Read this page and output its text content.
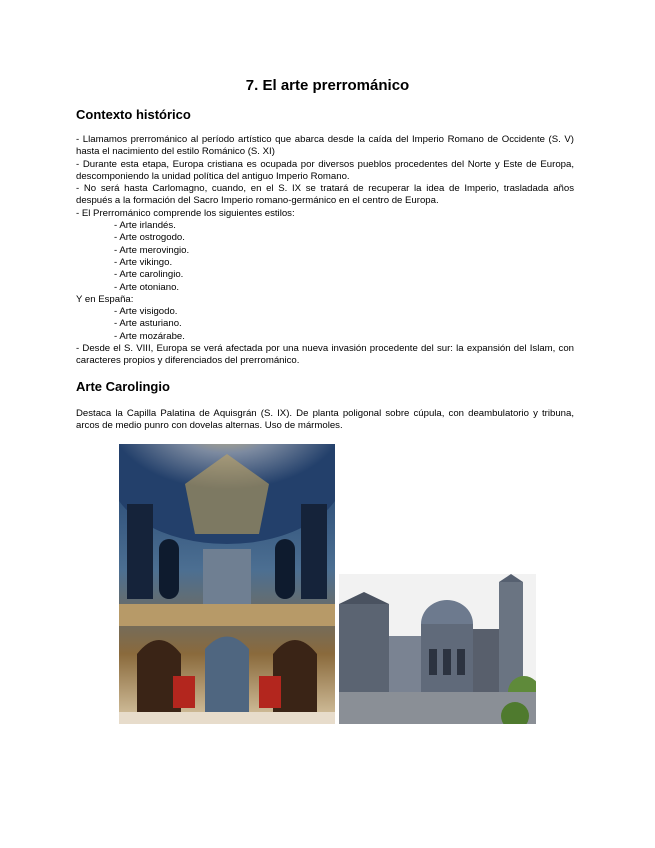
7. El arte prerrománico
Contexto histórico

- Llamamos prerrománico al período artístico que abarca desde la caída del Imperio Romano de Occidente (S. V) hasta el nacimiento del estilo Románico (S. XI)

- Durante esta etapa, Europa cristiana es ocupada por diversos pueblos procedentes del Norte y Este de Europa, descomponiendo la unidad política del antiguo Imperio Romano.

- No será hasta Carlomagno, cuando, en el S. IX se tratará de recuperar la idea de Imperio, trasladada años después a la formación del Sacro Imperio romano-germánico en el centro de Europa.

- El Prerrománico comprende los siguientes estilos:

- Arte irlandés.

- Arte ostrogodo.

- Arte merovingio.

- Arte vikingo.

- Arte carolingio.

- Arte otoniano.

Y en España:

- Arte visigodo.

- Arte asturiano.

- Arte mozárabe.

- Desde el S. VIII, Europa se verá afectada por una nueva invasión procedente del sur: la expansión del Islam, con caracteres propios y diferenciados del prerrománico.

Arte Carolingio

Destaca la Capilla Palatina de Aquisgrán (S. IX). De planta poligonal sobre cúpula, con deambulatorio y tribuna, arcos de medio punro con dovelas alternas. Uso de mármoles.
